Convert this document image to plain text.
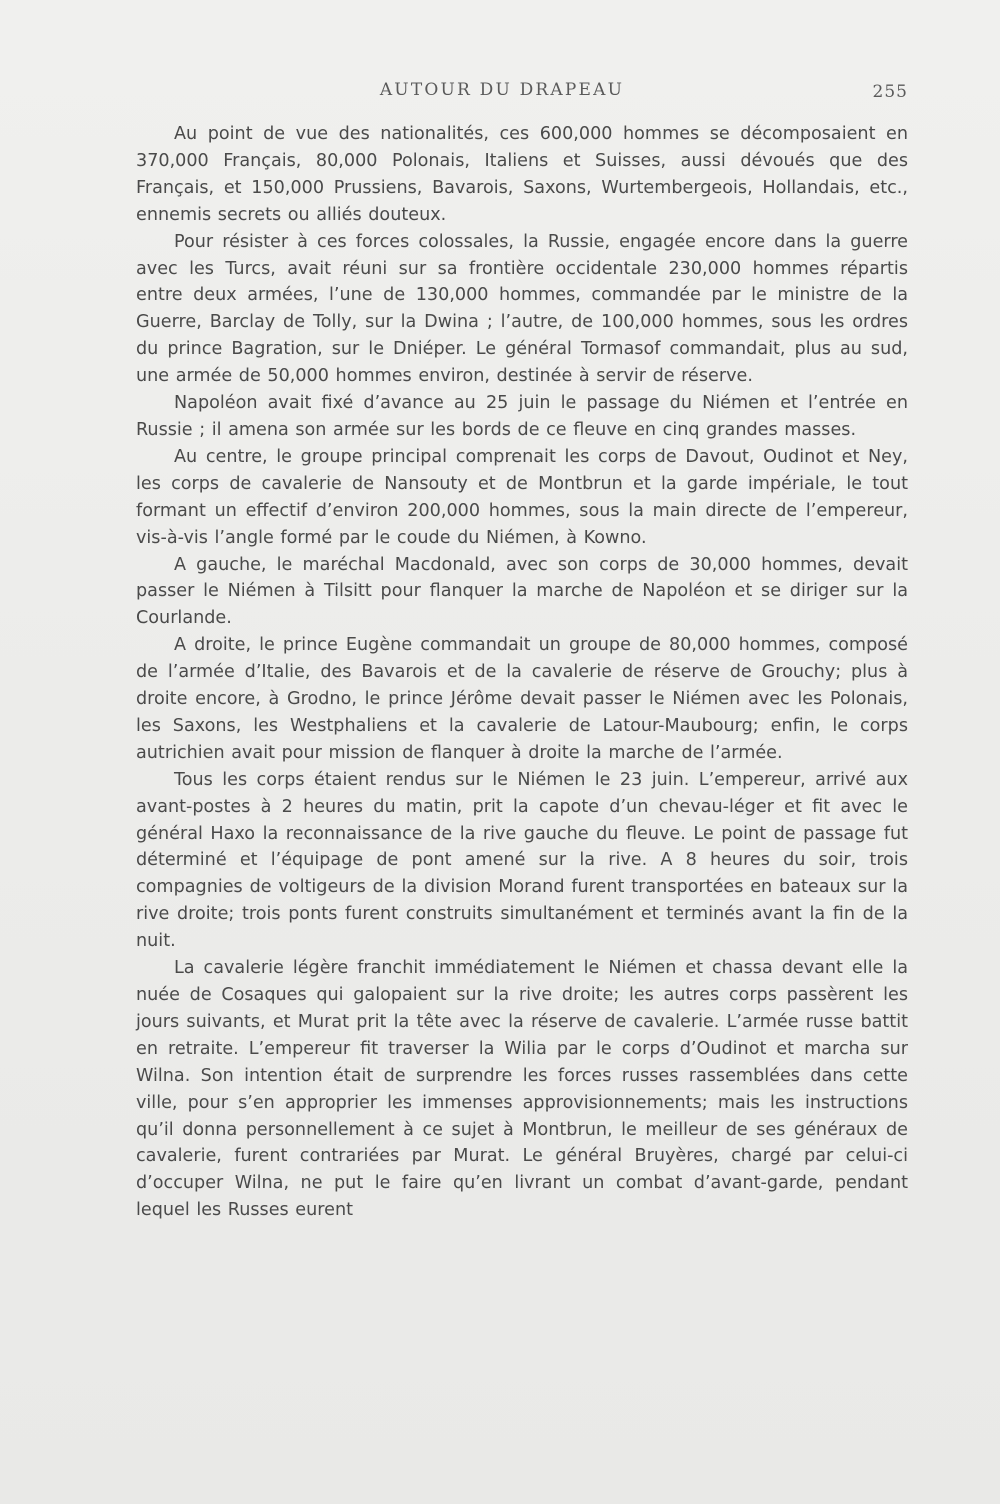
AUTOUR DU DRAPEAU	255

Au point de vue des nationalités, ces 600,000 hommes se décomposaient en 370,000 Français, 80,000 Polonais, Italiens et Suisses, aussi dévoués que des Français, et 150,000 Prussiens, Bavarois, Saxons, Wurtembergeois, Hollandais, etc., ennemis secrets ou alliés douteux.

Pour résister à ces forces colossales, la Russie, engagée encore dans la guerre avec les Turcs, avait réuni sur sa frontière occidentale 230,000 hommes répartis entre deux armées, l’une de 130,000 hommes, commandée par le ministre de la Guerre, Barclay de Tolly, sur la Dwina ; l’autre, de 100,000 hommes, sous les ordres du prince Bagration, sur le Dniéper. Le général Tormasof commandait, plus au sud, une armée de 50,000 hommes environ, destinée à servir de réserve.

Napoléon avait fixé d’avance au 25 juin le passage du Niémen et l’entrée en Russie ; il amena son armée sur les bords de ce fleuve en cinq grandes masses.

Au centre, le groupe principal comprenait les corps de Davout, Oudinot et Ney, les corps de cavalerie de Nansouty et de Montbrun et la garde impériale, le tout formant un effectif d’environ 200,000 hommes, sous la main directe de l’empereur, vis-à-vis l’angle formé par le coude du Niémen, à Kowno.

A gauche, le maréchal Macdonald, avec son corps de 30,000 hommes, devait passer le Niémen à Tilsitt pour flanquer la marche de Napoléon et se diriger sur la Courlande.

A droite, le prince Eugène commandait un groupe de 80,000 hommes, composé de l’armée d’Italie, des Bavarois et de la cavalerie de réserve de Grouchy; plus à droite encore, à Grodno, le prince Jérôme devait passer le Niémen avec les Polonais, les Saxons, les Westphaliens et la cavalerie de Latour-Maubourg; enfin, le corps autrichien avait pour mission de flanquer à droite la marche de l’armée.

Tous les corps étaient rendus sur le Niémen le 23 juin. L’empereur, arrivé aux avant-postes à 2 heures du matin, prit la capote d’un chevau-léger et fit avec le général Haxo la reconnaissance de la rive gauche du fleuve. Le point de passage fut déterminé et l’équipage de pont amené sur la rive. A 8 heures du soir, trois compagnies de voltigeurs de la division Morand furent transportées en bateaux sur la rive droite; trois ponts furent construits simultanément et terminés avant la fin de la nuit.

La cavalerie légère franchit immédiatement le Niémen et chassa devant elle la nuée de Cosaques qui galopaient sur la rive droite; les autres corps passèrent les jours suivants, et Murat prit la tête avec la réserve de cavalerie. L’armée russe battit en retraite. L’empereur fit traverser la Wilia par le corps d’Oudinot et marcha sur Wilna. Son intention était de surprendre les forces russes rassemblées dans cette ville, pour s’en approprier les immenses approvisionnements; mais les instructions qu’il donna personnellement à ce sujet à Montbrun, le meilleur de ses généraux de cavalerie, furent contrariées par Murat. Le général Bruyères, chargé par celui-ci d’occuper Wilna, ne put le faire qu’en livrant un combat d’avant-garde, pendant lequel les Russes eurent
